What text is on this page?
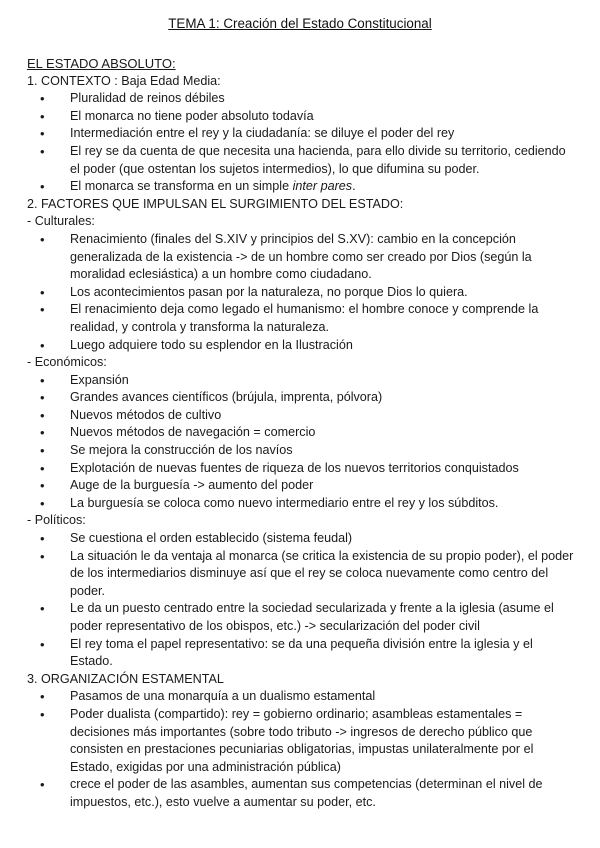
TEMA 1: Creación del Estado Constitucional
EL ESTADO ABSOLUTO:
1. CONTEXTO : Baja Edad Media:
• Pluralidad de reinos débiles
• El monarca no tiene poder absoluto todavía
• Intermediación entre el rey y la ciudadanía: se diluye el poder del rey
• El rey se da cuenta de que necesita una hacienda, para ello divide su territorio, cediendo el poder (que ostentan los sujetos intermedios), lo que difumina su poder.
• El monarca se transforma en un simple inter pares.
2. FACTORES QUE IMPULSAN EL SURGIMIENTO DEL ESTADO:
- Culturales:
• Renacimiento (finales del S.XIV y principios del S.XV): cambio en la concepción generalizada de la existencia -> de un hombre como ser creado por Dios (según la moralidad eclesiástica) a un hombre como ciudadano.
• Los acontecimientos pasan por la naturaleza, no porque Dios lo quiera.
• El renacimiento deja como legado el humanismo: el hombre conoce y comprende la realidad, y controla y transforma la naturaleza.
• Luego adquiere todo su esplendor en la Ilustración
- Económicos:
• Expansión
• Grandes avances científicos (brújula, imprenta, pólvora)
• Nuevos métodos de cultivo
• Nuevos métodos de navegación = comercio
• Se mejora la construcción de los navíos
• Explotación de nuevas fuentes de riqueza de los nuevos territorios conquistados
• Auge de la burguesía -> aumento del poder
• La burguesía se coloca como nuevo intermediario entre el rey y los súbditos.
- Políticos:
• Se cuestiona el orden establecido (sistema feudal)
• La situación le da ventaja al monarca (se critica la existencia de su propio poder), el poder de los intermediarios disminuye así que el rey se coloca nuevamente como centro del poder.
• Le da un puesto centrado entre la sociedad secularizada y frente a la iglesia (asume el poder representativo de los obispos, etc.) -> secularización del poder civil
• El rey toma el papel representativo: se da una pequeña división entre la iglesia y el Estado.
3. ORGANIZACIÓN ESTAMENTAL
• Pasamos de una monarquía a un dualismo estamental
• Poder dualista (compartido): rey = gobierno ordinario; asambleas estamentales = decisiones más importantes (sobre todo tributo -> ingresos de derecho público que consisten en prestaciones pecuniarias obligatorias, impustas unilateralmente por el Estado, exigidas por una administración pública)
• crece el poder de las asambles, aumentan sus competencias (determinan el nivel de impuestos, etc.), esto vuelve a aumentar su poder, etc.
